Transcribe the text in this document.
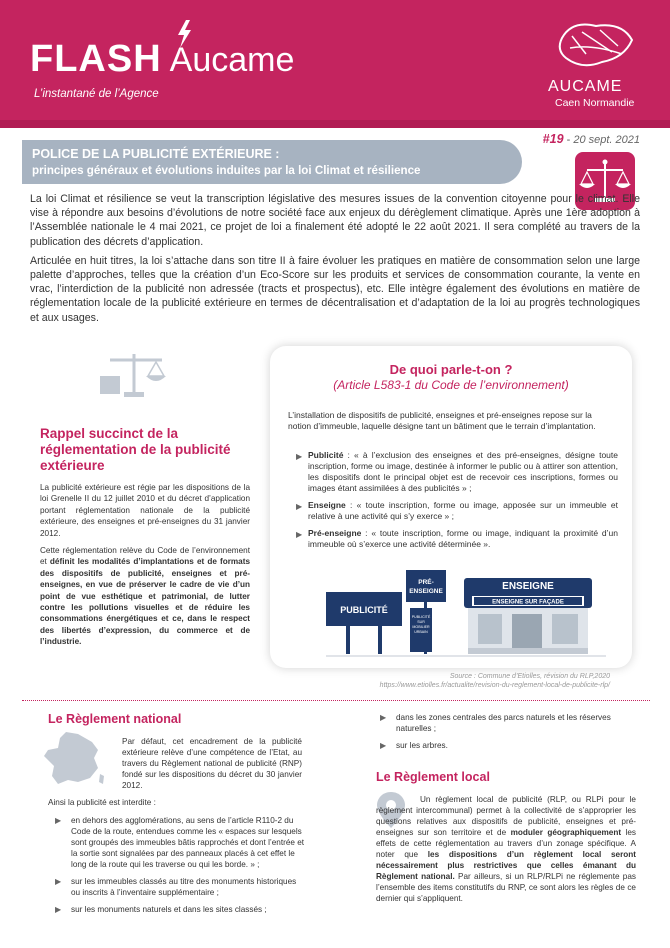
FLASH Aucame
L’instantané de l’Agence	AUCAME
Caen Normandie
#19 - 20 sept. 2021
POLICE DE LA PUBLICITÉ EXTÉRIEURE :
principes généraux et évolutions induites par la loi Climat et résilience

La loi Climat et résilience se veut la transcription législative des mesures issues de la convention citoyenne pour le climat. Elle vise à répondre aux besoins d’évolutions de notre société face aux enjeux du dérèglement climatique. Après une 1ère adoption à l’Assemblée nationale le 4 mai 2021, ce projet de loi a finalement été adopté le 22 août 2021. Il sera complété au travers de la publication des décrets d’application.

Articulée en huit titres, la loi s’attache dans son titre II à faire évoluer les pratiques en matière de consommation selon une large palette d’approches, telles que la création d’un Eco-Score sur les produits et services de consommation courante, la vente en vrac, l’interdiction de la publicité non adressée (tracts et prospectus), etc. Elle intègre également des évolutions en matière de réglementation locale de la publicité extérieure en termes de décentralisation et d’adaptation de la loi au progrès technologiques et aux usages.

Rappel succinct de la réglementation de la publicité extérieure

La publicité extérieure est régie par les dispositions de la loi Grenelle II du 12 juillet 2010 et du décret d’application portant réglementation nationale de la publicité extérieure, des enseignes et pré-enseignes du 31 janvier 2012.

Cette réglementation relève du Code de l’environnement et définit les modalités d’implantations et de formats des dispositifs de publicité, enseignes et pré-enseignes, en vue de préserver le cadre de vie d’un point de vue esthétique et patrimonial, de lutter contre les pollutions visuelles et de réduire les consommations énergétiques et ce, dans le respect des libertés d’expression, du commerce et de l’industrie.

De quoi parle-t-on ?
(Article L583-1 du Code de l’environnement)
L’installation de dispositifs de publicité, enseignes et pré-enseignes repose sur la notion d’immeuble, laquelle désigne tant un bâtiment que le terrain d’implantation.
▶ Publicité : « à l’exclusion des enseignes et des pré-enseignes, désigne toute inscription, forme ou image, destinée à informer le public ou à attirer son attention, les dispositifs dont le principal objet est de recevoir ces inscriptions, formes ou images étant assimilées à des publicités » ;
▶ Enseigne : « toute inscription, forme ou image, apposée sur un immeuble et relative à une activité qui s’y exerce » ;
▶ Pré-enseigne : « toute inscription, forme ou image, indiquant la proximité d’un immeuble où s’exerce une activité déterminée ».
PUBLICITÉ
PRÉ-
ENSEIGNE
PUBLICITÉ
SUR
MOBILIER
URBAIN
ENSEIGNE
ENSEIGNE SUR FAÇADE
Source : Commune d’Etiolles, révision du RLP,2020
https://www.etiolles.fr/actualite/revision-du-reglement-local-de-publicite-rlp/
Le Règlement national
Par défaut, cet encadrement de la publicité extérieure relève d’une compétence de l’Etat, au travers du Règlement national de publicité (RNP) fondé sur les dispositions du décret du 30 janvier 2012.
Ainsi la publicité est interdite :
▶ en dehors des agglomérations, au sens de l’article R110-2 du Code de la route, entendues comme les « espaces sur lesquels sont groupés des immeubles bâtis rapprochés et dont l’entrée et la sortie sont signalées par des panneaux placés à cet effet le long de la route qui les traverse ou qui les borde. » ;
▶ sur les immeubles classés au titre des monuments historiques ou inscrits à l’inventaire supplémentaire ;
▶ sur les monuments naturels et dans les sites classés ;
▶ dans les zones centrales des parcs naturels et les réserves naturelles ;
▶ sur les arbres.
Le Règlement local
Un règlement local de publicité (RLP, ou RLPi pour le règlement intercommunal) permet à la collectivité de s’approprier les questions relatives aux dispositifs de publicité, enseignes et pré-enseignes sur son territoire et de moduler géographiquement les effets de cette réglementation au travers d’un zonage spécifique. A noter que les dispositions d’un règlement local seront nécessairement plus restrictives que celles émanant du Règlement national. Par ailleurs, si un RLP/RLPi ne réglemente pas l’ensemble des items constitutifs du RNP, ce sont alors les règles de ce dernier qui s’appliquent.
